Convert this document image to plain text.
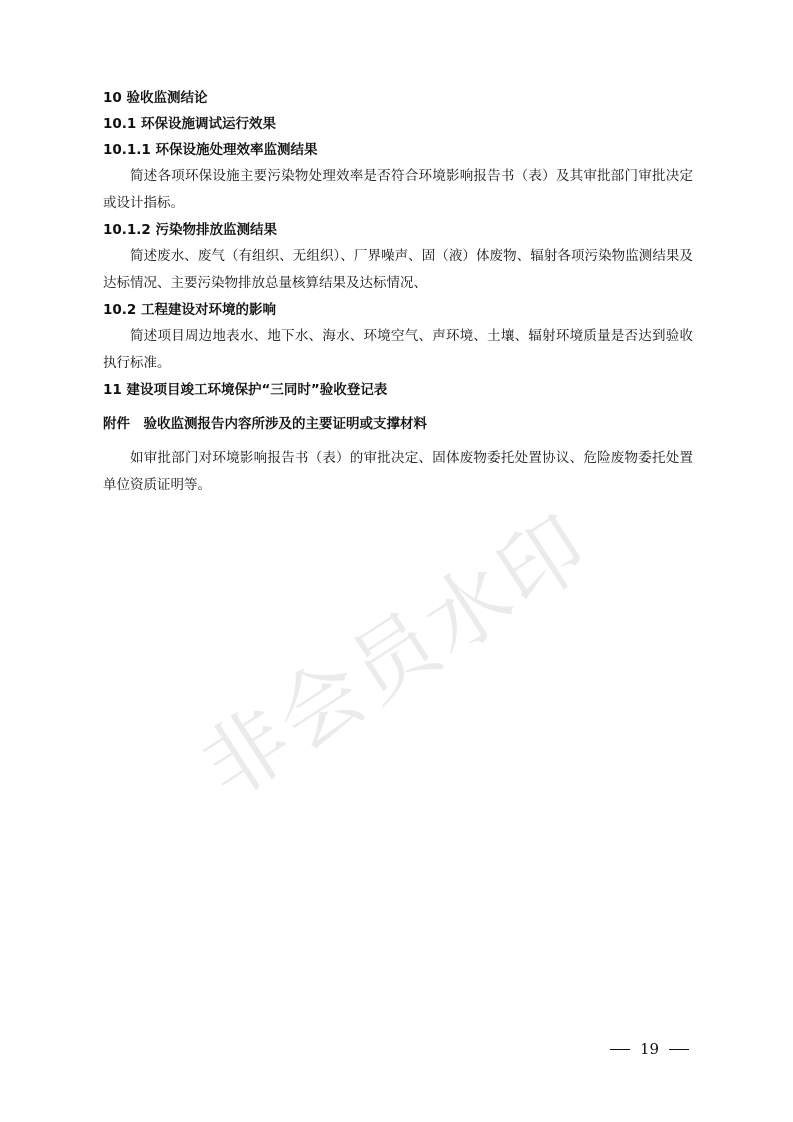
10 验收监测结论

10.1 环保设施调试运行效果

10.1.1 环保设施处理效率监测结果

简述各项环保设施主要污染物处理效率是否符合环境影响报告书（表）及其审批部门审批决定或设计指标。

10.1.2 污染物排放监测结果

简述废水、废气（有组织、无组织）、厂界噪声、固（液）体废物、辐射各项污染物监测结果及达标情况、主要污染物排放总量核算结果及达标情况、

10.2 工程建设对环境的影响

简述项目周边地表水、地下水、海水、环境空气、声环境、土壤、辐射环境质量是否达到验收执行标准。

11 建设项目竣工环境保护“三同时”验收登记表

附件　验收监测报告内容所涉及的主要证明或支撑材料

如审批部门对环境影响报告书（表）的审批决定、固体废物委托处置协议、危险废物委托处置单位资质证明等。

非会员水印
19
